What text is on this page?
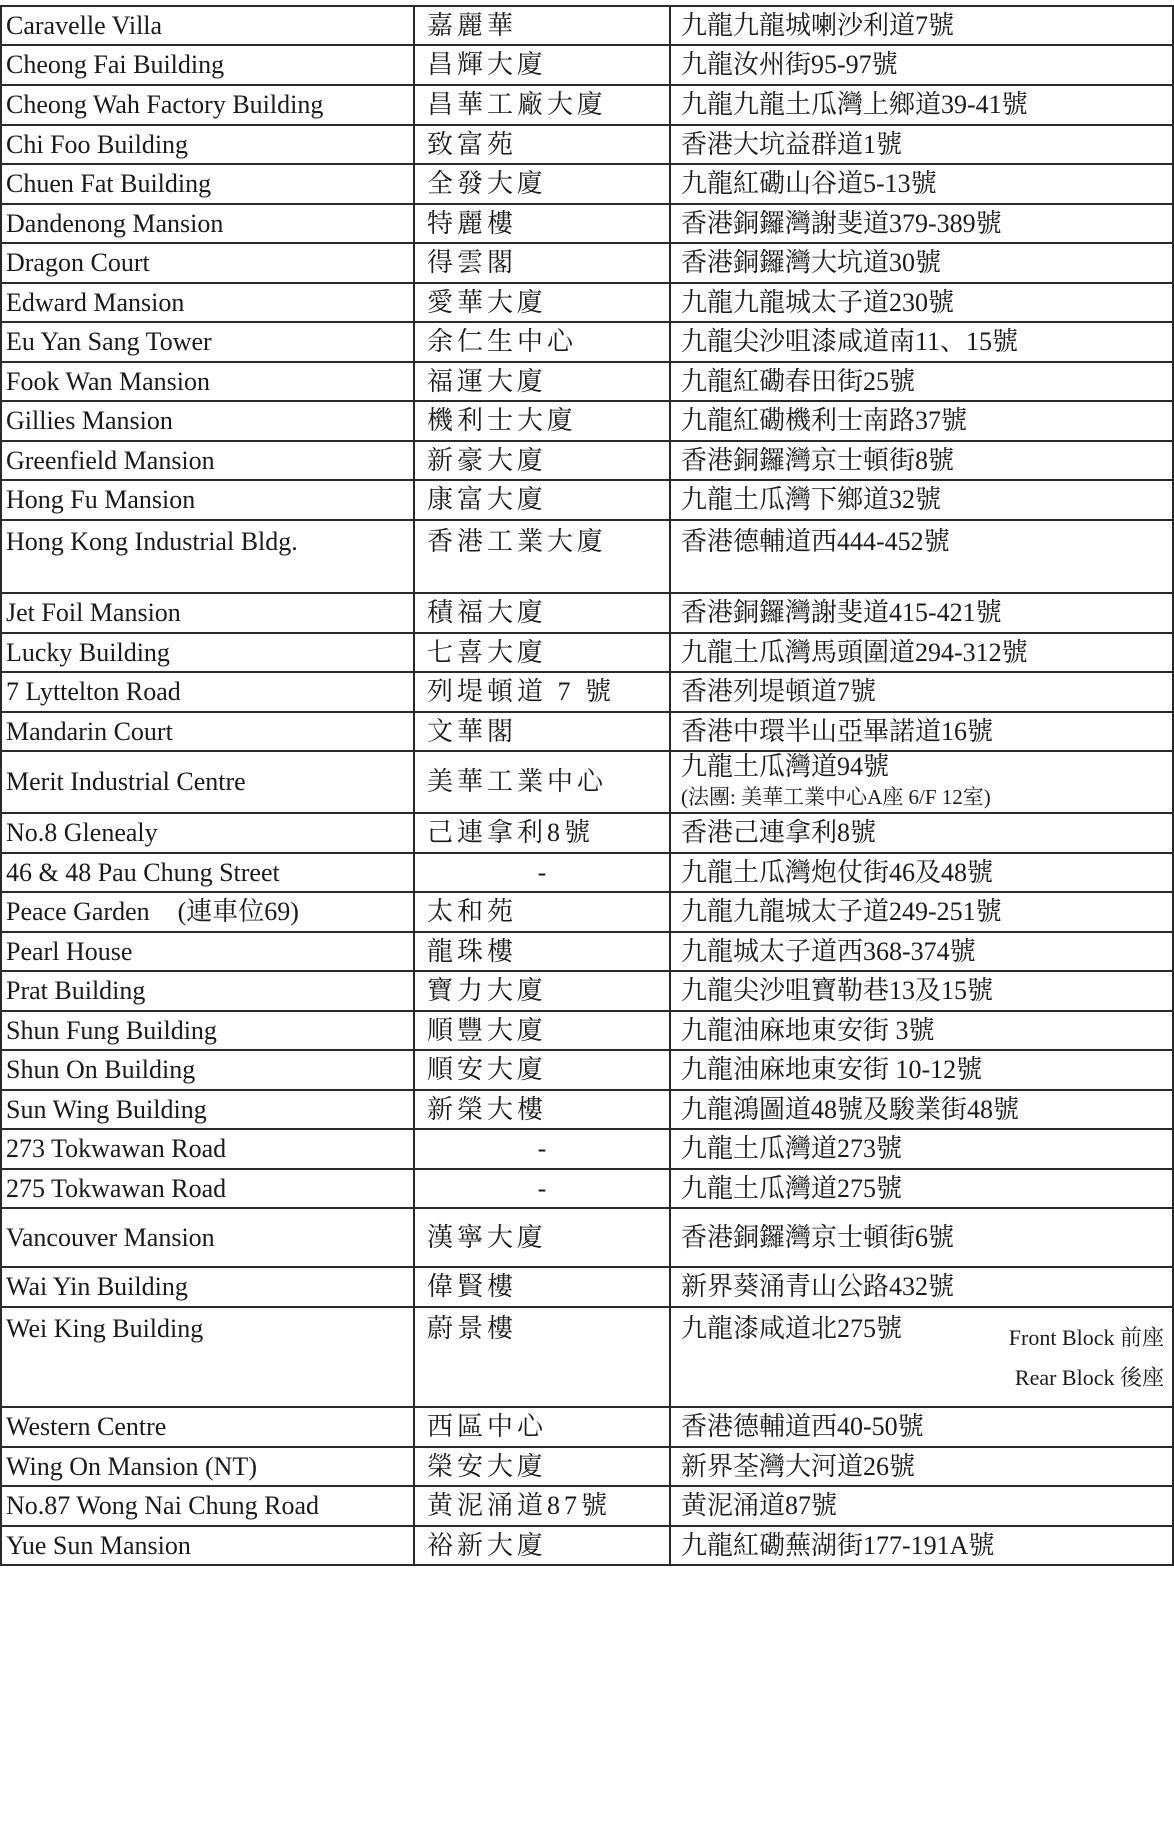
Caravelle Villa	嘉麗華	九龍九龍城喇沙利道7號
Cheong Fai Building	昌輝大廈	九龍汝州街95-97號
Cheong Wah Factory Building	昌華工廠大廈	九龍九龍土瓜灣上鄉道39-41號
Chi Foo Building	致富苑	香港大坑益群道1號
Chuen Fat Building	全發大廈	九龍紅磡山谷道5-13號
Dandenong Mansion	特麗樓	香港銅鑼灣謝斐道379-389號
Dragon Court	得雲閣	香港銅鑼灣大坑道30號
Edward Mansion	愛華大廈	九龍九龍城太子道230號
Eu Yan Sang Tower	余仁生中心	九龍尖沙咀漆咸道南11、15號
Fook Wan Mansion	福運大廈	九龍紅磡春田街25號
Gillies Mansion	機利士大廈	九龍紅磡機利士南路37號
Greenfield Mansion	新豪大廈	香港銅鑼灣京士頓街8號
Hong Fu Mansion	康富大廈	九龍土瓜灣下鄉道32號
Hong Kong Industrial Bldg.	香港工業大廈	香港德輔道西444-452號
Jet Foil Mansion	積福大廈	香港銅鑼灣謝斐道415-421號
Lucky Building	七喜大廈	九龍土瓜灣馬頭圍道294-312號
7 Lyttelton Road	列堤頓道 7 號	香港列堤頓道7號
Mandarin Court	文華閣	香港中環半山亞畢諾道16號
Merit Industrial Centre	美華工業中心	九龍土瓜灣道94號
(法團: 美華工業中心A座 6/F 12室)

No.8 Glenealy	己連拿利8號	香港己連拿利8號
46 & 48 Pau Chung Street	-	九龍土瓜灣炮仗街46及48號
Peace Garden (連車位69)	太和苑	九龍九龍城太子道249-251號
Pearl House	龍珠樓	九龍城太子道西368-374號
Prat Building	寶力大廈	九龍尖沙咀寶勒巷13及15號
Shun Fung Building	順豐大廈	九龍油麻地東安街 3號
Shun On Building	順安大廈	九龍油麻地東安街 10-12號
Sun Wing Building	新榮大樓	九龍鴻圖道48號及駿業街48號
273 Tokwawan Road	-	九龍土瓜灣道273號
275 Tokwawan Road	-	九龍土瓜灣道275號
Vancouver Mansion	漢寧大廈	香港銅鑼灣京士頓街6號
Wai Yin Building	偉賢樓	新界葵涌青山公路432號
Wei King Building	蔚景樓	九龍漆咸道北275號 Front Block 前座
Rear Block 後座

Western Centre	西區中心	香港德輔道西40-50號
Wing On Mansion (NT)	榮安大廈	新界荃灣大河道26號
No.87 Wong Nai Chung Road	黄泥涌道87號	黄泥涌道87號
Yue Sun Mansion	裕新大廈	九龍紅磡蕪湖街177-191A號
